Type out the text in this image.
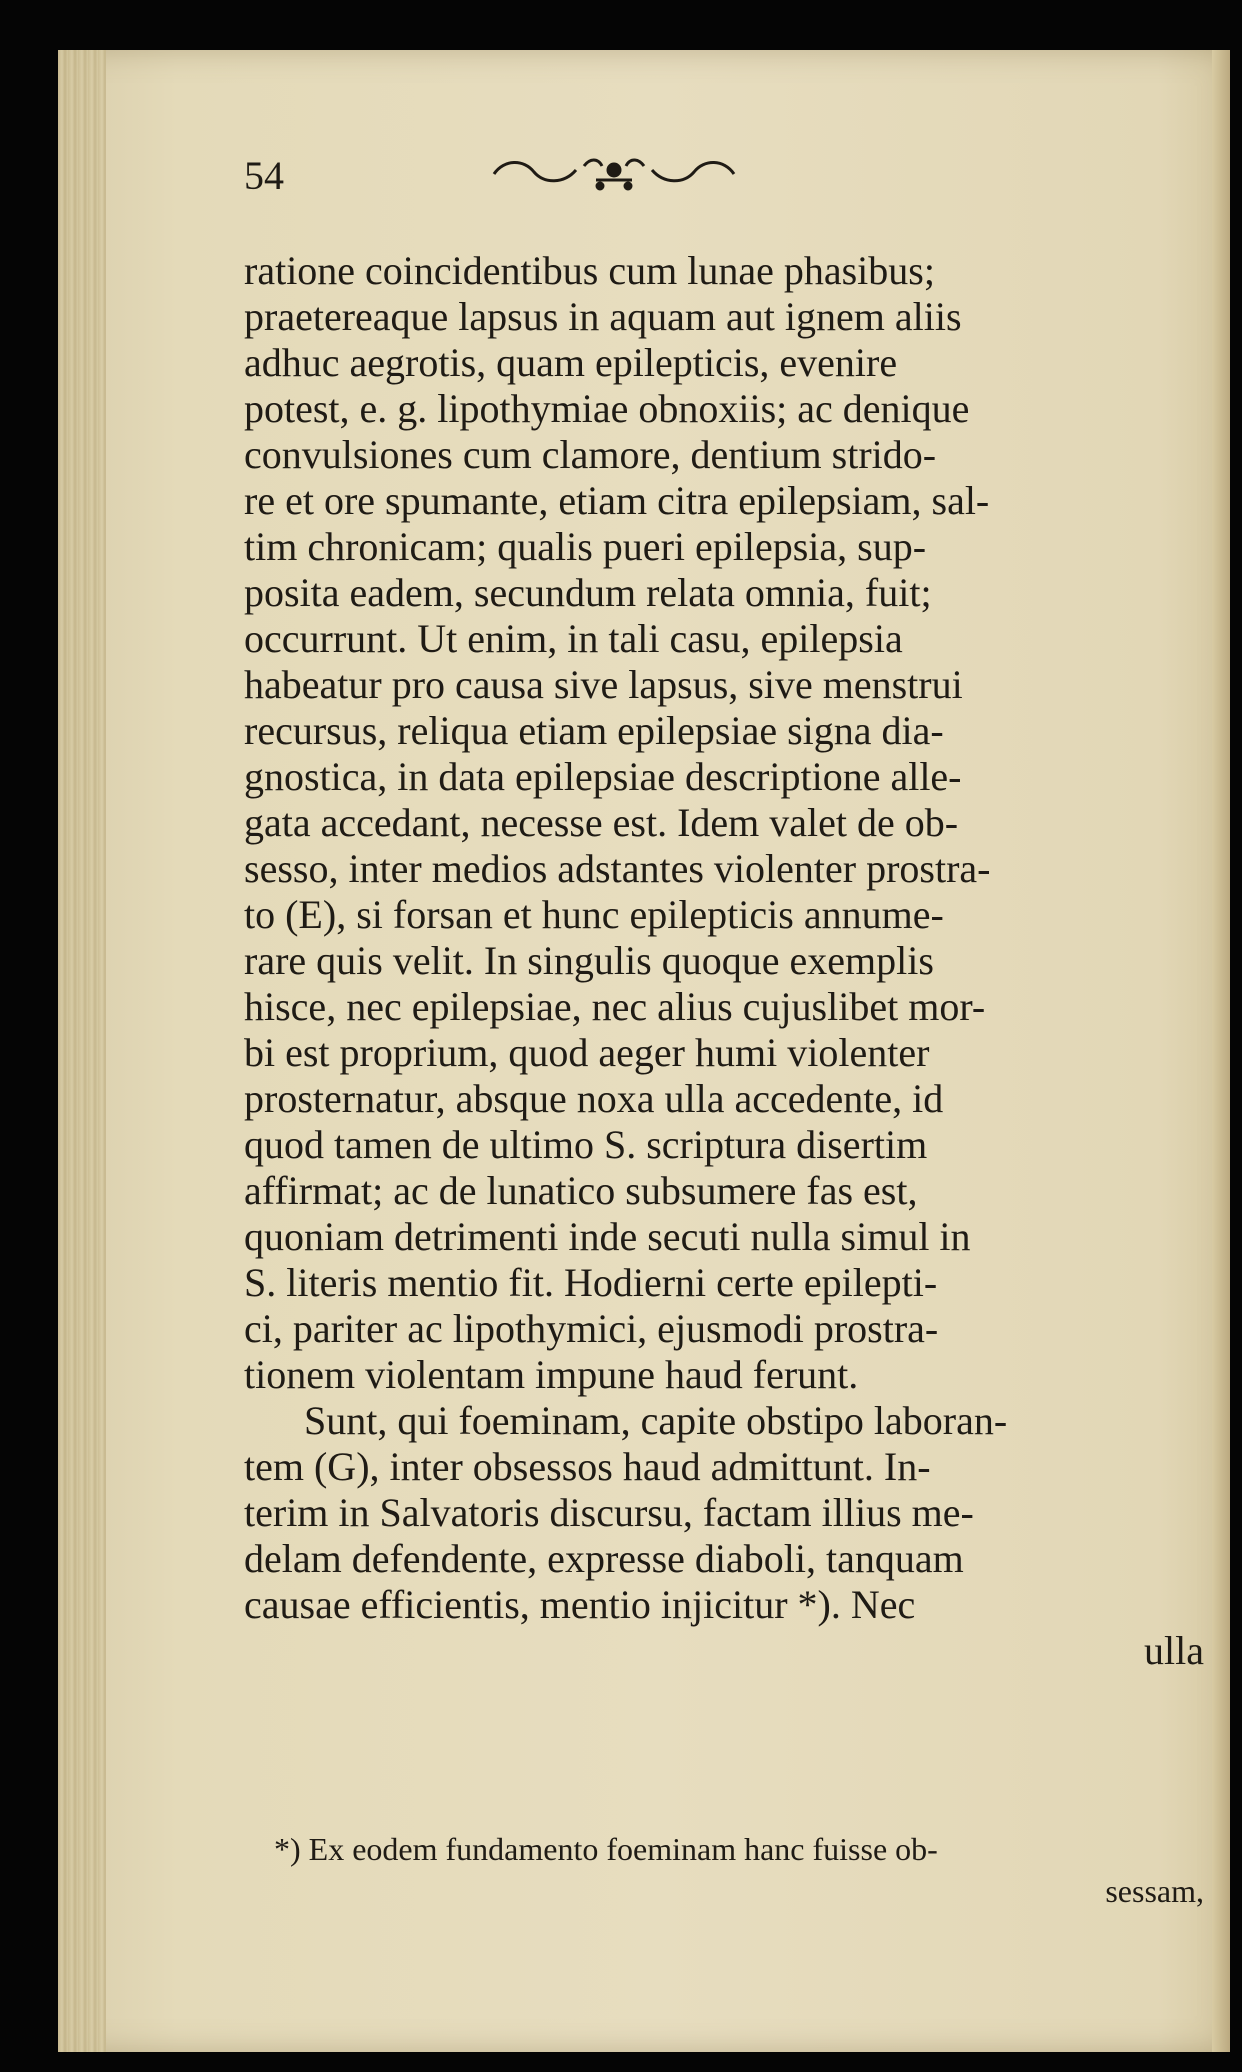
54
ratione coincidentibus cum lunae phasibus;
praetereaque lapsus in aquam aut ignem aliis
adhuc aegrotis, quam epilepticis, evenire
potest, e. g. lipothymiae obnoxiis; ac denique
convulsiones cum clamore, dentium strido-
re et ore spumante, etiam citra epilepsiam, sal-
tim chronicam; qualis pueri epilepsia, sup-
posita eadem, secundum relata omnia, fuit;
occurrunt. Ut enim, in tali casu, epilepsia
habeatur pro causa sive lapsus, sive menstrui
recursus, reliqua etiam epilepsiae signa dia-
gnostica, in data epilepsiae descriptione alle-
gata accedant, necesse est. Idem valet de ob-
sesso, inter medios adstantes violenter prostra-
to (E), si forsan et hunc epilepticis annume-
rare quis velit. In singulis quoque exemplis
hisce, nec epilepsiae, nec alius cujuslibet mor-
bi est proprium, quod aeger humi violenter
prosternatur, absque noxa ulla accedente, id
quod tamen de ultimo S. scriptura disertim
affirmat; ac de lunatico subsumere fas est,
quoniam detrimenti inde secuti nulla simul in
S. literis mentio fit. Hodierni certe epilepti-
ci, pariter ac lipothymici, ejusmodi prostra-
tionem violentam impune haud ferunt.
Sunt, qui foeminam, capite obstipo laboran-
tem (G), inter obsessos haud admittunt. In-
terim in Salvatoris discursu, factam illius me-
delam defendente, expresse diaboli, tanquam
causae efficientis, mentio injicitur *). Nec
ulla
*) Ex eodem fundamento foeminam hanc fuisse ob-
sessam,
